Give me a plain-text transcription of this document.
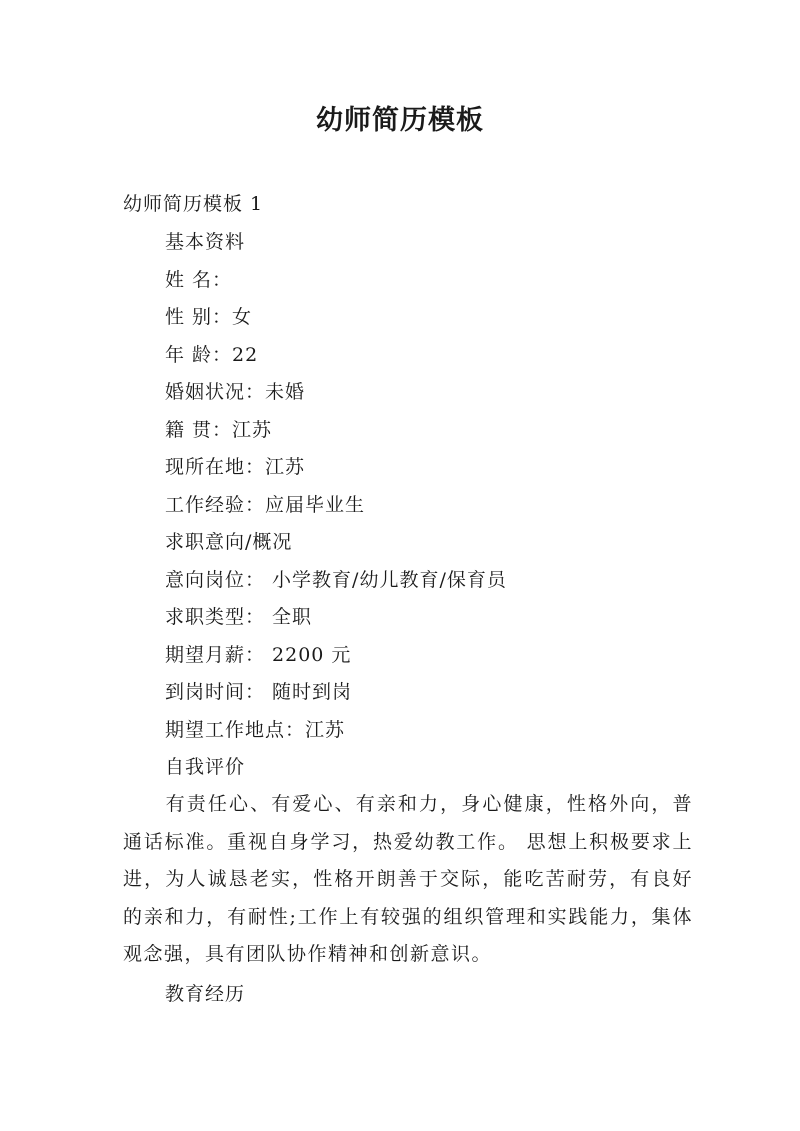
幼师简历模板

幼师简历模板 1

基本资料

姓 名：

性 别：女

年 龄：22

婚姻状况：未婚

籍 贯：江苏

现所在地：江苏

工作经验：应届毕业生

求职意向/概况

意向岗位： 小学教育/幼儿教育/保育员

求职类型： 全职

期望月薪： 2200 元

到岗时间： 随时到岗

期望工作地点：江苏

自我评价

有责任心、有爱心、有亲和力，身心健康，性格外向，普通话标准。重视自身学习，热爱幼教工作。 思想上积极要求上进，为人诚恳老实，性格开朗善于交际，能吃苦耐劳，有良好的亲和力，有耐性;工作上有较强的组织管理和实践能力，集体观念强，具有团队协作精神和创新意识。

教育经历
